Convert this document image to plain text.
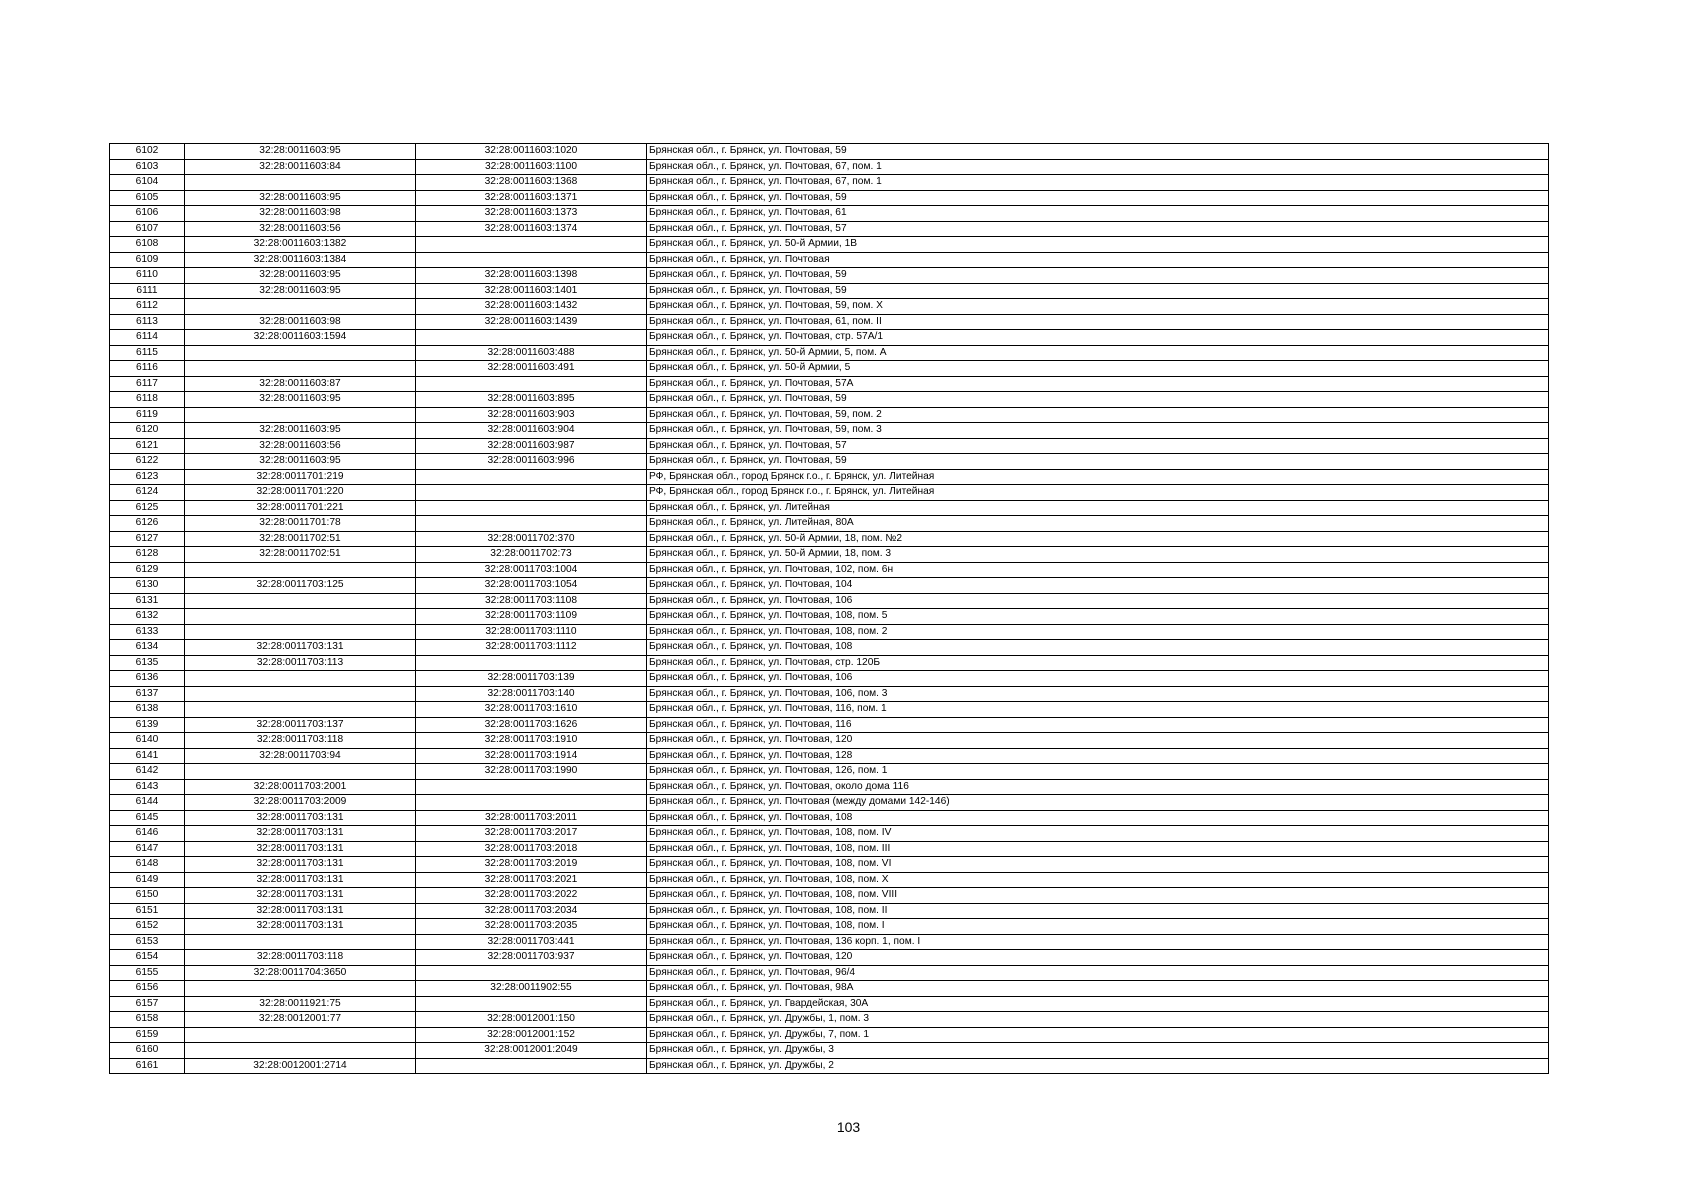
6102	32:28:0011603:95	32:28:0011603:1020	Брянская обл., г. Брянск, ул. Почтовая, 59
6103	32:28:0011603:84	32:28:0011603:1100	Брянская обл., г. Брянск, ул. Почтовая, 67, пом. 1
6104		32:28:0011603:1368	Брянская обл., г. Брянск, ул. Почтовая, 67, пом. 1
6105	32:28:0011603:95	32:28:0011603:1371	Брянская обл., г. Брянск, ул. Почтовая, 59
6106	32:28:0011603:98	32:28:0011603:1373	Брянская обл., г. Брянск, ул. Почтовая, 61
6107	32:28:0011603:56	32:28:0011603:1374	Брянская обл., г. Брянск, ул. Почтовая, 57
6108	32:28:0011603:1382		Брянская обл., г. Брянск, ул. 50-й Армии, 1В
6109	32:28:0011603:1384		Брянская обл., г. Брянск, ул. Почтовая
6110	32:28:0011603:95	32:28:0011603:1398	Брянская обл., г. Брянск, ул. Почтовая, 59
6111	32:28:0011603:95	32:28:0011603:1401	Брянская обл., г. Брянск, ул. Почтовая, 59
6112		32:28:0011603:1432	Брянская обл., г. Брянск, ул. Почтовая, 59, пом. X
6113	32:28:0011603:98	32:28:0011603:1439	Брянская обл., г. Брянск, ул. Почтовая, 61, пом. II
6114	32:28:0011603:1594		Брянская обл., г. Брянск, ул. Почтовая, стр. 57А/1
6115		32:28:0011603:488	Брянская обл., г. Брянск, ул. 50-й Армии, 5, пом. А
6116		32:28:0011603:491	Брянская обл., г. Брянск, ул. 50-й Армии, 5
6117	32:28:0011603:87		Брянская обл., г. Брянск, ул. Почтовая, 57А
6118	32:28:0011603:95	32:28:0011603:895	Брянская обл., г. Брянск, ул. Почтовая, 59
6119		32:28:0011603:903	Брянская обл., г. Брянск, ул. Почтовая, 59, пом. 2
6120	32:28:0011603:95	32:28:0011603:904	Брянская обл., г. Брянск, ул. Почтовая, 59, пом. 3
6121	32:28:0011603:56	32:28:0011603:987	Брянская обл., г. Брянск, ул. Почтовая, 57
6122	32:28:0011603:95	32:28:0011603:996	Брянская обл., г. Брянск, ул. Почтовая, 59
6123	32:28:0011701:219		РФ, Брянская обл., город Брянск г.о., г. Брянск, ул. Литейная
6124	32:28:0011701:220		РФ, Брянская обл., город Брянск г.о., г. Брянск, ул. Литейная
6125	32:28:0011701:221		Брянская обл., г. Брянск, ул. Литейная
6126	32:28:0011701:78		Брянская обл., г. Брянск, ул. Литейная, 80А
6127	32:28:0011702:51	32:28:0011702:370	Брянская обл., г. Брянск, ул. 50-й Армии, 18, пом. №2
6128	32:28:0011702:51	32:28:0011702:73	Брянская обл., г. Брянск, ул. 50-й Армии, 18, пом. 3
6129		32:28:0011703:1004	Брянская обл., г. Брянск, ул. Почтовая, 102, пом. 6н
6130	32:28:0011703:125	32:28:0011703:1054	Брянская обл., г. Брянск, ул. Почтовая, 104
6131		32:28:0011703:1108	Брянская обл., г. Брянск, ул. Почтовая, 106
6132		32:28:0011703:1109	Брянская обл., г. Брянск, ул. Почтовая, 108, пом. 5
6133		32:28:0011703:1110	Брянская обл., г. Брянск, ул. Почтовая, 108, пом. 2
6134	32:28:0011703:131	32:28:0011703:1112	Брянская обл., г. Брянск, ул. Почтовая, 108
6135	32:28:0011703:113		Брянская обл., г. Брянск, ул. Почтовая, стр. 120Б
6136		32:28:0011703:139	Брянская обл., г. Брянск, ул. Почтовая, 106
6137		32:28:0011703:140	Брянская обл., г. Брянск, ул. Почтовая, 106, пом. 3
6138		32:28:0011703:1610	Брянская обл., г. Брянск, ул. Почтовая, 116, пом. 1
6139	32:28:0011703:137	32:28:0011703:1626	Брянская обл., г. Брянск, ул. Почтовая, 116
6140	32:28:0011703:118	32:28:0011703:1910	Брянская обл., г. Брянск, ул. Почтовая, 120
6141	32:28:0011703:94	32:28:0011703:1914	Брянская обл., г. Брянск, ул. Почтовая, 128
6142		32:28:0011703:1990	Брянская обл., г. Брянск, ул. Почтовая, 126, пом. 1
6143	32:28:0011703:2001		Брянская обл., г. Брянск, ул. Почтовая, около дома 116
6144	32:28:0011703:2009		Брянская обл., г. Брянск, ул. Почтовая (между домами 142-146)
6145	32:28:0011703:131	32:28:0011703:2011	Брянская обл., г. Брянск, ул. Почтовая, 108
6146	32:28:0011703:131	32:28:0011703:2017	Брянская обл., г. Брянск, ул. Почтовая, 108, пом. IV
6147	32:28:0011703:131	32:28:0011703:2018	Брянская обл., г. Брянск, ул. Почтовая, 108, пом. III
6148	32:28:0011703:131	32:28:0011703:2019	Брянская обл., г. Брянск, ул. Почтовая, 108, пом. VI
6149	32:28:0011703:131	32:28:0011703:2021	Брянская обл., г. Брянск, ул. Почтовая, 108, пом. X
6150	32:28:0011703:131	32:28:0011703:2022	Брянская обл., г. Брянск, ул. Почтовая, 108, пом. VIII
6151	32:28:0011703:131	32:28:0011703:2034	Брянская обл., г. Брянск, ул. Почтовая, 108, пом. II
6152	32:28:0011703:131	32:28:0011703:2035	Брянская обл., г. Брянск, ул. Почтовая, 108, пом. I
6153		32:28:0011703:441	Брянская обл., г. Брянск, ул. Почтовая, 136 корп. 1, пом. I
6154	32:28:0011703:118	32:28:0011703:937	Брянская обл., г. Брянск, ул. Почтовая, 120
6155	32:28:0011704:3650		Брянская обл., г. Брянск, ул. Почтовая, 96/4
6156		32:28:0011902:55	Брянская обл., г. Брянск, ул. Почтовая, 98А
6157	32:28:0011921:75		Брянская обл., г. Брянск, ул. Гвардейская, 30А
6158	32:28:0012001:77	32:28:0012001:150	Брянская обл., г. Брянск, ул. Дружбы, 1, пом. 3
6159		32:28:0012001:152	Брянская обл., г. Брянск, ул. Дружбы, 7, пом. 1
6160		32:28:0012001:2049	Брянская обл., г. Брянск, ул. Дружбы, 3
6161	32:28:0012001:2714		Брянская обл., г. Брянск, ул. Дружбы, 2
103
